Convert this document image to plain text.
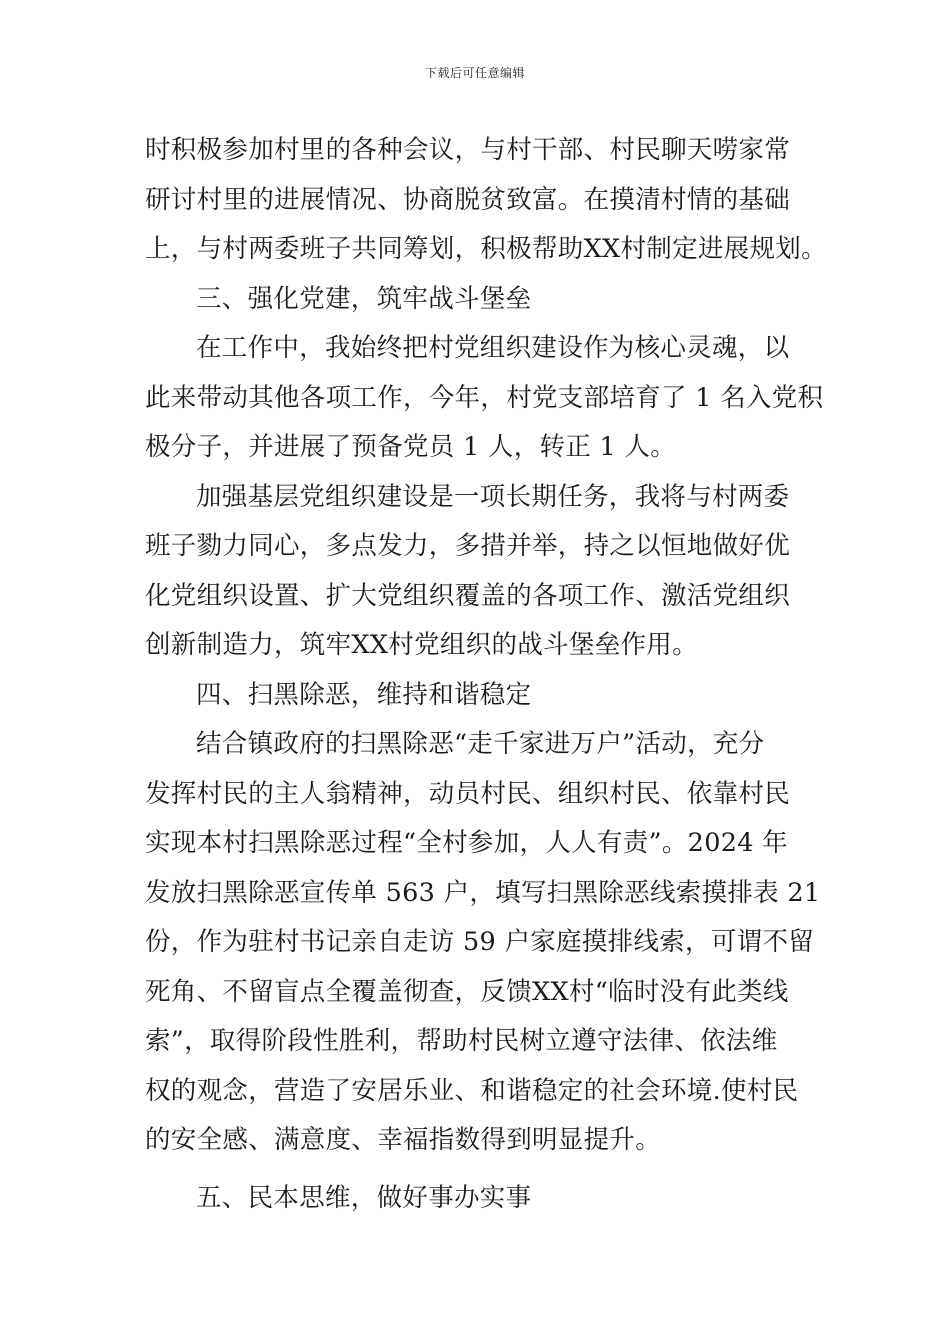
下载后可任意编辑
时积极参加村里的各种会议，与村干部、村民聊天唠家常
研讨村里的进展情况、协商脱贫致富。在摸清村情的基础
上，与村两委班子共同筹划，积极帮助XX村制定进展规划。
三、强化党建，筑牢战斗堡垒
在工作中，我始终把村党组织建设作为核心灵魂，以
此来带动其他各项工作，今年，村党支部培育了 1 名入党积
极分子，并进展了预备党员 1 人，转正 1 人。
加强基层党组织建设是一项长期任务，我将与村两委
班子勠力同心，多点发力，多措并举，持之以恒地做好优
化党组织设置、扩大党组织覆盖的各项工作、激活党组织
创新制造力，筑牢XX村党组织的战斗堡垒作用。
四、扫黑除恶，维持和谐稳定
结合镇政府的扫黑除恶“走千家进万户”活动，充分
发挥村民的主人翁精神，动员村民、组织村民、依靠村民
实现本村扫黑除恶过程“全村参加，人人有责”。2024 年
发放扫黑除恶宣传单 563 户，填写扫黑除恶线索摸排表 21
份，作为驻村书记亲自走访 59 户家庭摸排线索，可谓不留
死角、不留盲点全覆盖彻查，反馈XX村“临时没有此类线
索”，取得阶段性胜利，帮助村民树立遵守法律、依法维
权的观念，营造了安居乐业、和谐稳定的社会环境.使村民
的安全感、满意度、幸福指数得到明显提升。
五、民本思维，做好事办实事
